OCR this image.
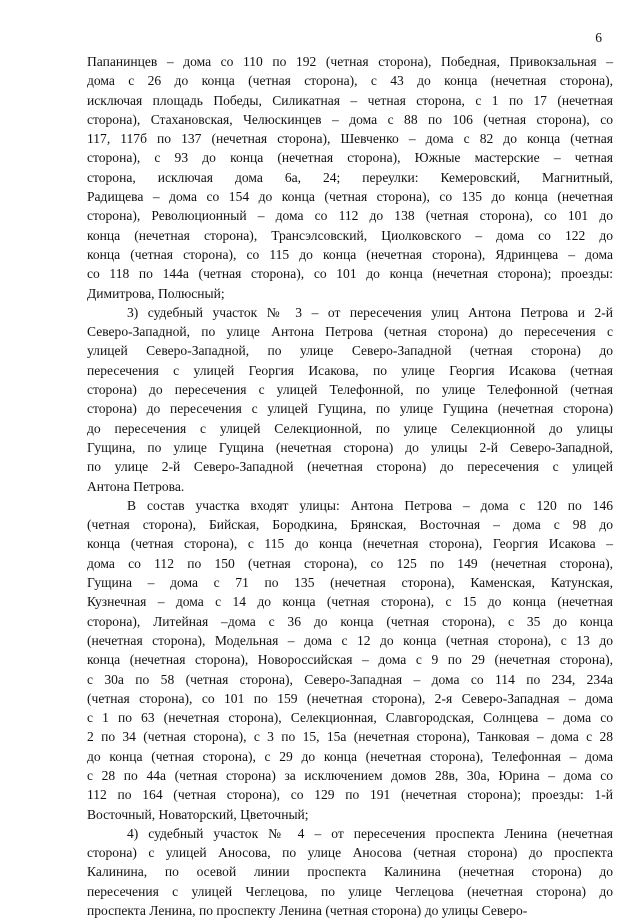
6

Папанинцев – дома со 110 по 192 (четная сторона), Победная, Привокзальная –
дома с 26 до конца (четная сторона), с 43 до конца (нечетная сторона),
исключая площадь Победы, Силикатная – четная сторона, с 1 по 17 (нечетная
сторона), Стахановская, Челюскинцев – дома с 88 по 106 (четная сторона), со
117, 117б по 137 (нечетная сторона), Шевченко – дома с 82 до конца (четная
сторона), с 93 до конца (нечетная сторона), Южные мастерские – четная
сторона, исключая дома 6а, 24; переулки: Кемеровский, Магнитный,
Радищева – дома со 154 до конца (четная сторона), со 135 до конца (нечетная
сторона), Революционный – дома со 112 до 138 (четная сторона), со 101 до
конца (нечетная сторона), Трансэлсовский, Циолковского – дома со 122 до
конца (четная сторона), со 115 до конца (нечетная сторона), Ядринцева – дома
со 118 по 144а (четная сторона), со 101 до конца (нечетная сторона); проезды:
Димитрова, Полюсный;

3) судебный участок № 3 – от пересечения улиц Антона Петрова и 2-й
Северо-Западной, по улице Антона Петрова (четная сторона) до пересечения с
улицей Северо-Западной, по улице Северо-Западной (четная сторона) до
пересечения с улицей Георгия Исакова, по улице Георгия Исакова (четная
сторона) до пересечения с улицей Телефонной, по улице Телефонной (четная
сторона) до пересечения с улицей Гущина, по улице Гущина (нечетная сторона)
до пересечения с улицей Селекционной, по улице Селекционной до улицы
Гущина, по улице Гущина (нечетная сторона) до улицы 2-й Северо-Западной,
по улице 2-й Северо-Западной (нечетная сторона) до пересечения с улицей
Антона Петрова.

В состав участка входят улицы: Антона Петрова – дома с 120 по 146
(четная сторона), Бийская, Бородкина, Брянская, Восточная – дома с 98 до
конца (четная сторона), с 115 до конца (нечетная сторона), Георгия Исакова –
дома со 112 по 150 (четная сторона), со 125 по 149 (нечетная сторона),
Гущина – дома с 71 по 135 (нечетная сторона), Каменская, Катунская,
Кузнечная – дома с 14 до конца (четная сторона), с 15 до конца (нечетная
сторона), Литейная –дома с 36 до конца (четная сторона), с 35 до конца
(нечетная сторона), Модельная – дома с 12 до конца (четная сторона), с 13 до
конца (нечетная сторона), Новороссийская – дома с 9 по 29 (нечетная сторона),
с 30а по 58 (четная сторона), Северо-Западная – дома со 114 по 234, 234а
(четная сторона), со 101 по 159 (нечетная сторона), 2-я Северо-Западная – дома
с 1 по 63 (нечетная сторона), Селекционная, Славгородская, Солнцева – дома со
2 по 34 (четная сторона), с 3 по 15, 15а (нечетная сторона), Танковая – дома с 28
до конца (четная сторона), с 29 до конца (нечетная сторона), Телефонная – дома
с 28 по 44а (четная сторона) за исключением домов 28в, 30а, Юрина – дома со
112 по 164 (четная сторона), со 129 по 191 (нечетная сторона); проезды: 1-й
Восточный, Новаторский, Цветочный;

4) судебный участок № 4 – от пересечения проспекта Ленина (нечетная
сторона) с улицей Аносова, по улице Аносова (четная сторона) до проспекта
Калинина, по осевой линии проспекта Калинина (нечетная сторона) до
пересечения с улицей Чеглецова, по улице Чеглецова (нечетная сторона) до
проспекта Ленина, по проспекту Ленина (четная сторона) до улицы Северо-
